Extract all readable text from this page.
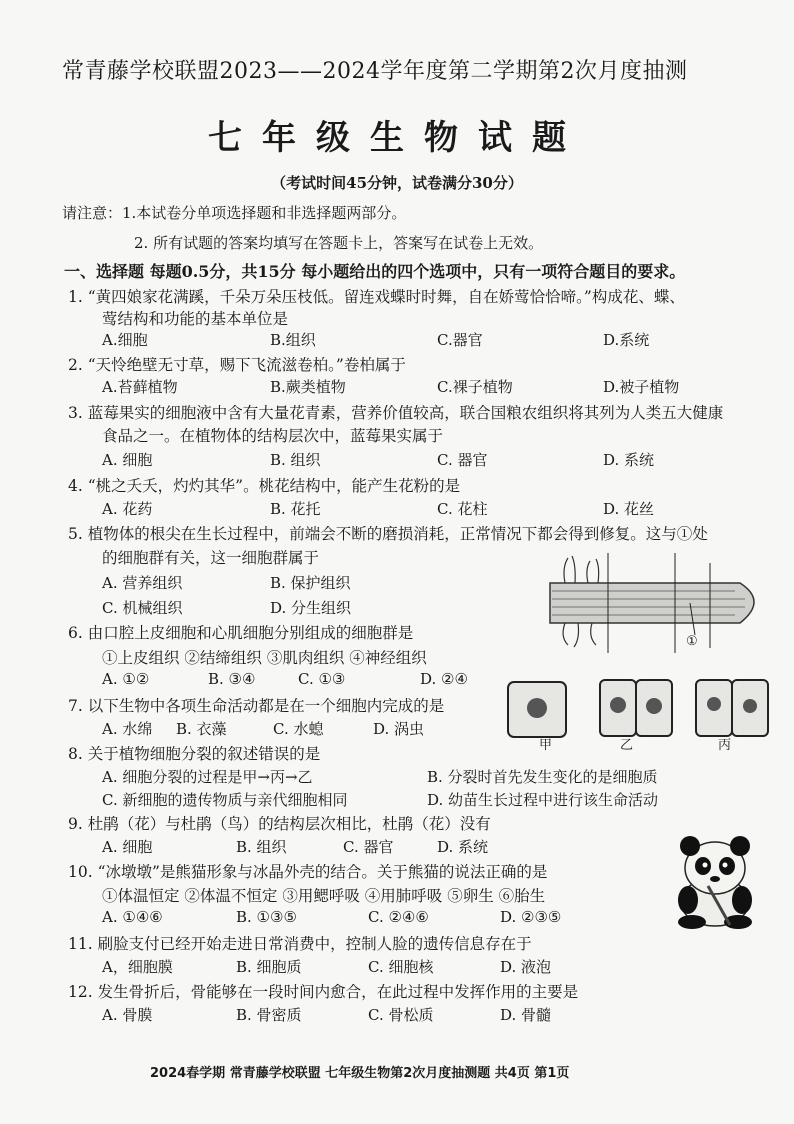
常青藤学校联盟2023——2024学年度第二学期第2次月度抽测
七年级生物试题
（考试时间45分钟，试卷满分30分）
请注意：1.本试卷分单项选择题和非选择题两部分。
2. 所有试题的答案均填写在答题卡上，答案写在试卷上无效。
一、选择题 每题0.5分，共15分 每小题给出的四个选项中，只有一项符合题目的要求。
1. “黄四娘家花满蹊，千朵万朵压枝低。留连戏蝶时时舞，自在娇莺恰恰啼。”构成花、蝶、
莺结构和功能的基本单位是
A.细胞	B.组织	C.器官	D.系统
2. “天怜绝壁无寸草，赐下飞流滋卷柏。”卷柏属于
A.苔藓植物	B.蕨类植物	C.裸子植物	D.被子植物
3. 蓝莓果实的细胞液中含有大量花青素，营养价值较高，联合国粮农组织将其列为人类五大健康
食品之一。在植物体的结构层次中，蓝莓果实属于
A. 细胞	B. 组织	C. 器官	D. 系统
4. “桃之夭夭，灼灼其华”。桃花结构中，能产生花粉的是
A. 花药	B. 花托	C. 花柱	D. 花丝
5. 植物体的根尖在生长过程中，前端会不断的磨损消耗，正常情况下都会得到修复。这与①处
的细胞群有关，这一细胞群属于
A. 营养组织	B. 保护组织
C. 机械组织	D. 分生组织
①
6. 由口腔上皮细胞和心肌细胞分别组成的细胞群是
①上皮组织 ②结缔组织 ③肌肉组织 ④神经组织
A. ①②	B. ③④	C. ①③	D. ②④
甲	乙	丙
7. 以下生物中各项生命活动都是在一个细胞内完成的是
A. 水绵 B. 衣藻	C. 水螅	D. 涡虫
8. 关于植物细胞分裂的叙述错误的是
A. 细胞分裂的过程是甲→丙→乙	B. 分裂时首先发生变化的是细胞质
C. 新细胞的遗传物质与亲代细胞相同	D. 幼苗生长过程中进行该生命活动
9. 杜鹃（花）与杜鹃（鸟）的结构层次相比，杜鹃（花）没有
A. 细胞	B. 组织	C. 器官	D. 系统
10. “冰墩墩”是熊猫形象与冰晶外壳的结合。关于熊猫的说法正确的是
①体温恒定 ②体温不恒定 ③用鳃呼吸 ④用肺呼吸 ⑤卵生 ⑥胎生
A. ①④⑥	B. ①③⑤	C. ②④⑥	D. ②③⑤
11. 刷脸支付已经开始走进日常消费中，控制人脸的遗传信息存在于
A，细胞膜	B. 细胞质	C. 细胞核	D. 液泡
12. 发生骨折后，骨能够在一段时间内愈合，在此过程中发挥作用的主要是
A. 骨膜	B. 骨密质	C. 骨松质	D. 骨髓
2024春学期 常青藤学校联盟 七年级生物第2次月度抽测题 共4页 第1页
